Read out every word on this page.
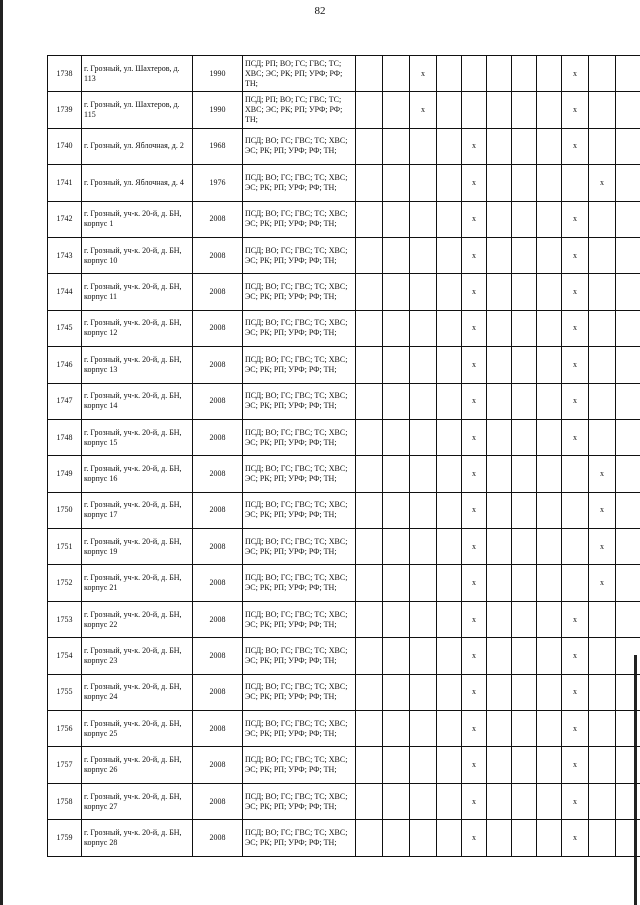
82
1738	г. Грозный, ул. Шахтеров, д. 113	1990	ПСД; РП; ВО; ГС; ГВС; ТС; ХВС; ЭС; РК; РП; УРФ; РФ; ТН;			x						x		
1739	г. Грозный, ул. Шахтеров, д. 115	1990	ПСД; РП; ВО; ГС; ГВС; ТС; ХВС; ЭС; РК; РП; УРФ; РФ; ТН;			x						x		
1740	г. Грозный, ул. Яблочная, д. 2	1968	ПСД; ВО; ГС; ГВС; ТС; ХВС; ЭС; РК; РП; УРФ; РФ; ТН;					x				x		
1741	г. Грозный, ул. Яблочная, д. 4	1976	ПСД; ВО; ГС; ГВС; ТС; ХВС; ЭС; РК; РП; УРФ; РФ; ТН;					x					x	
1742	г. Грозный, уч-к. 20-й, д. БН, корпус 1	2008	ПСД; ВО; ГС; ГВС; ТС; ХВС; ЭС; РК; РП; УРФ; РФ; ТН;					x				x		
1743	г. Грозный, уч-к. 20-й, д. БН, корпус 10	2008	ПСД; ВО; ГС; ГВС; ТС; ХВС; ЭС; РК; РП; УРФ; РФ; ТН;					x				x		
1744	г. Грозный, уч-к. 20-й, д. БН, корпус 11	2008	ПСД; ВО; ГС; ГВС; ТС; ХВС; ЭС; РК; РП; УРФ; РФ; ТН;					x				x		
1745	г. Грозный, уч-к. 20-й, д. БН, корпус 12	2008	ПСД; ВО; ГС; ГВС; ТС; ХВС; ЭС; РК; РП; УРФ; РФ; ТН;					x				x		
1746	г. Грозный, уч-к. 20-й, д. БН, корпус 13	2008	ПСД; ВО; ГС; ГВС; ТС; ХВС; ЭС; РК; РП; УРФ; РФ; ТН;					x				x		
1747	г. Грозный, уч-к. 20-й, д. БН, корпус 14	2008	ПСД; ВО; ГС; ГВС; ТС; ХВС; ЭС; РК; РП; УРФ; РФ; ТН;					x				x		
1748	г. Грозный, уч-к. 20-й, д. БН, корпус 15	2008	ПСД; ВО; ГС; ГВС; ТС; ХВС; ЭС; РК; РП; УРФ; РФ; ТН;					x				x		
1749	г. Грозный, уч-к. 20-й, д. БН, корпус 16	2008	ПСД; ВО; ГС; ГВС; ТС; ХВС; ЭС; РК; РП; УРФ; РФ; ТН;					x					x	
1750	г. Грозный, уч-к. 20-й, д. БН, корпус 17	2008	ПСД; ВО; ГС; ГВС; ТС; ХВС; ЭС; РК; РП; УРФ; РФ; ТН;					x					x	
1751	г. Грозный, уч-к. 20-й, д. БН, корпус 19	2008	ПСД; ВО; ГС; ГВС; ТС; ХВС; ЭС; РК; РП; УРФ; РФ; ТН;					x					x	
1752	г. Грозный, уч-к. 20-й, д. БН, корпус 21	2008	ПСД; ВО; ГС; ГВС; ТС; ХВС; ЭС; РК; РП; УРФ; РФ; ТН;					x					x	
1753	г. Грозный, уч-к. 20-й, д. БН, корпус 22	2008	ПСД; ВО; ГС; ГВС; ТС; ХВС; ЭС; РК; РП; УРФ; РФ; ТН;					x				x		
1754	г. Грозный, уч-к. 20-й, д. БН, корпус 23	2008	ПСД; ВО; ГС; ГВС; ТС; ХВС; ЭС; РК; РП; УРФ; РФ; ТН;					x				x		
1755	г. Грозный, уч-к. 20-й, д. БН, корпус 24	2008	ПСД; ВО; ГС; ГВС; ТС; ХВС; ЭС; РК; РП; УРФ; РФ; ТН;					x				x		
1756	г. Грозный, уч-к. 20-й, д. БН, корпус 25	2008	ПСД; ВО; ГС; ГВС; ТС; ХВС; ЭС; РК; РП; УРФ; РФ; ТН;					x				x		
1757	г. Грозный, уч-к. 20-й, д. БН, корпус 26	2008	ПСД; ВО; ГС; ГВС; ТС; ХВС; ЭС; РК; РП; УРФ; РФ; ТН;					x				x		
1758	г. Грозный, уч-к. 20-й, д. БН, корпус 27	2008	ПСД; ВО; ГС; ГВС; ТС; ХВС; ЭС; РК; РП; УРФ; РФ; ТН;					x				x		
1759	г. Грозный, уч-к. 20-й, д. БН, корпус 28	2008	ПСД; ВО; ГС; ГВС; ТС; ХВС; ЭС; РК; РП; УРФ; РФ; ТН;					x				x		
